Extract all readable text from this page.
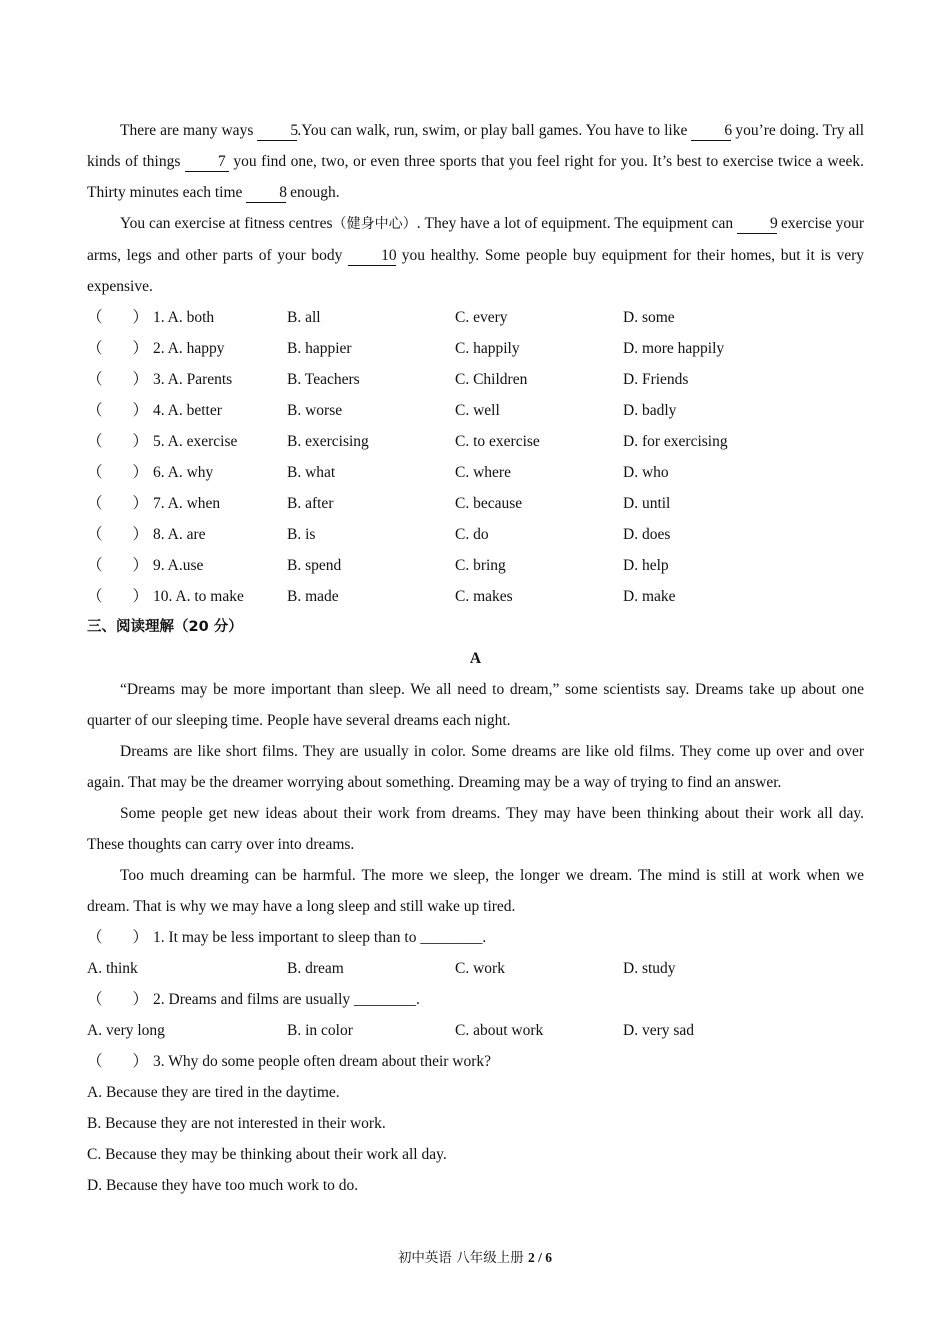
There are many ways 5.You can walk, run, swim, or play ball games. You have to like 6 you’re doing. Try all kinds of things 7 you find one, two, or even three sports that you feel right for you. It’s best to exercise twice a week. Thirty minutes each time 8 enough.
You can exercise at fitness centres（健身中心）. They have a lot of equipment. The equipment can 9 exercise your arms, legs and other parts of your body 10 you healthy. Some people buy equipment for their homes, but it is very expensive.
（ ） 1. A. both	B. all	C. every	D. some
（ ） 2. A. happy	B. happier	C. happily	D. more happily
（ ） 3. A. Parents	B. Teachers	C. Children	D. Friends
（ ） 4. A. better	B. worse	C. well	D. badly
（ ） 5. A. exercise	B. exercising	C. to exercise	D. for exercising
（ ） 6. A. why	B. what	C. where	D. who
（ ） 7. A. when	B. after	C. because	D. until
（ ） 8. A. are	B. is	C. do	D. does
（ ） 9. A.use	B. spend	C. bring	D. help
（ ） 10. A. to make	B. made	C. makes	D. make
三、阅读理解（20 分）
A
“Dreams may be more important than sleep. We all need to dream,” some scientists say. Dreams take up about one quarter of our sleeping time. People have several dreams each night.
Dreams are like short films. They are usually in color. Some dreams are like old films. They come up over and over again. That may be the dreamer worrying about something. Dreaming may be a way of trying to find an answer.
Some people get new ideas about their work from dreams. They may have been thinking about their work all day. These thoughts can carry over into dreams.
Too much dreaming can be harmful. The more we sleep, the longer we dream. The mind is still at work when we dream. That is why we may have a long sleep and still wake up tired.
（ ） 1. It may be less important to sleep than to ________.
A. think	B. dream	C. work	D. study
（ ） 2. Dreams and films are usually ________.
A. very long	B. in color	C. about work	D. very sad
（ ） 3. Why do some people often dream about their work?
A. Because they are tired in the daytime.
B. Because they are not interested in their work.
C. Because they may be thinking about their work all day.
D. Because they have too much work to do.
初中英语 八年级上册 2 / 6
